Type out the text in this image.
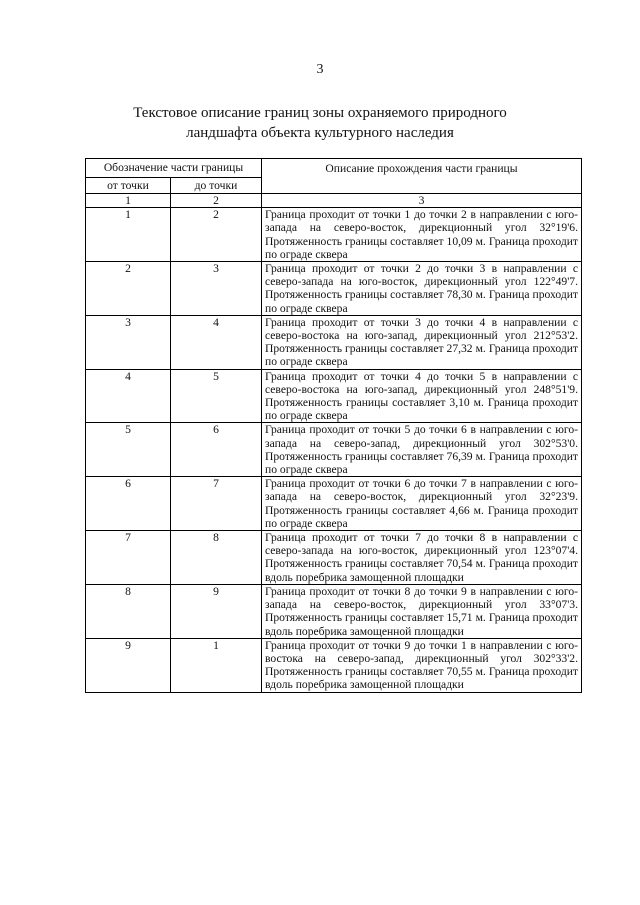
3
Текстовое описание границ зоны охраняемого природного
ландшафта объекта культурного наследия
Обозначение части границы		Описание прохождения части границы
от точки	до точки	
1	2	3
1	2	Граница проходит от точки 1 до точки 2 в направлении с юго-запада на северо-восток, дирекционный угол 32°19'6. Протяженность границы составляет 10,09 м. Граница проходит по ограде сквера
2	3	Граница проходит от точки 2 до точки 3 в направлении с северо-запада на юго-восток, дирекционный угол 122°49'7. Протяженность границы составляет 78,30 м. Граница проходит по ограде сквера
3	4	Граница проходит от точки 3 до точки 4 в направлении с северо-востока на юго-запад, дирекционный угол 212°53'2. Протяженность границы составляет 27,32 м. Граница проходит по ограде сквера
4	5	Граница проходит от точки 4 до точки 5 в направлении с северо-востока на юго-запад, дирекционный угол 248°51'9. Протяженность границы составляет 3,10 м. Граница проходит по ограде сквера
5	6	Граница проходит от точки 5 до точки 6 в направлении с юго-запада на северо-запад, дирекционный угол 302°53'0. Протяженность границы составляет 76,39 м. Граница проходит по ограде сквера
6	7	Граница проходит от точки 6 до точки 7 в направлении с юго-запада на северо-восток, дирекционный угол 32°23'9. Протяженность границы составляет 4,66 м. Граница проходит по ограде сквера
7	8	Граница проходит от точки 7 до точки 8 в направлении с северо-запада на юго-восток, дирекционный угол 123°07'4. Протяженность границы составляет 70,54 м. Граница проходит вдоль поребрика замощенной площадки
8	9	Граница проходит от точки 8 до точки 9 в направлении с юго-запада на северо-восток, дирекционный угол 33°07'3. Протяженность границы составляет 15,71 м. Граница проходит вдоль поребрика замощенной площадки
9	1	Граница проходит от точки 9 до точки 1 в направлении с юго-востока на северо-запад, дирекционный угол 302°33'2. Протяженность границы составляет 70,55 м. Граница проходит вдоль поребрика замощенной площадки
